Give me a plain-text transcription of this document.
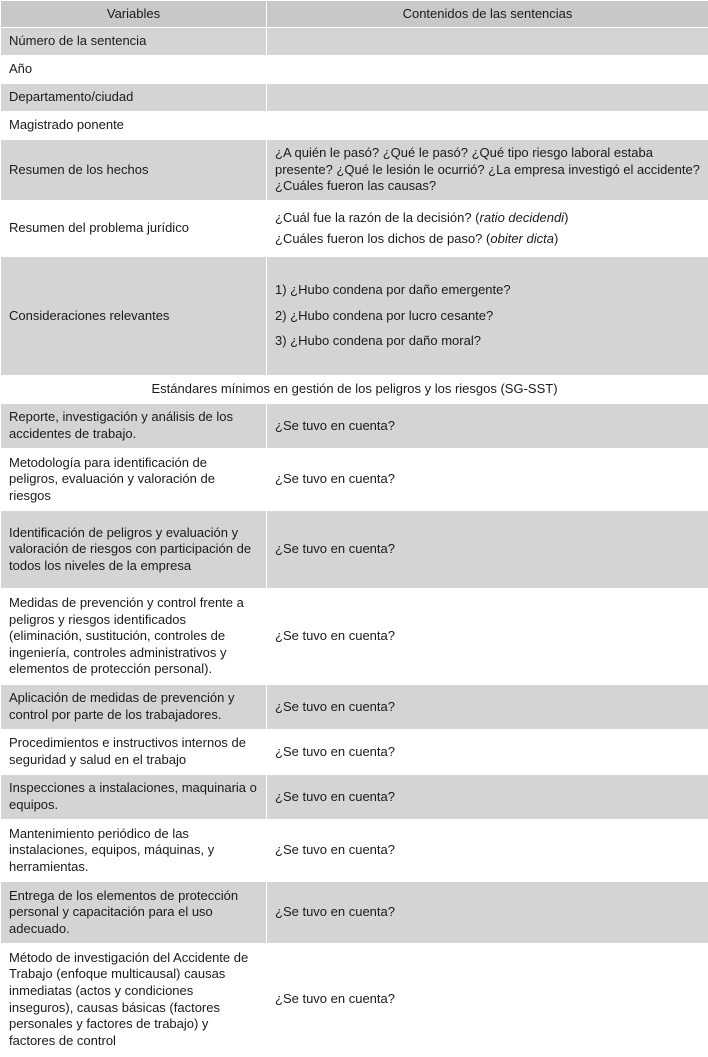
Variables	Contenidos de las sentencias
Número de la sentencia	
Año	
Departamento/ciudad	
Magistrado ponente	
Resumen de los hechos	¿A quién le pasó? ¿Qué le pasó? ¿Qué tipo riesgo laboral estaba presente? ¿Qué le lesión le ocurrió? ¿La empresa investigó el accidente? ¿Cuáles fueron las causas?
Resumen del problema jurídico	¿Cuál fue la razón de la decisión? (ratio decidendi)

¿Cuáles fueron los dichos de paso? (obiter dicta)

Consideraciones relevantes	1) ¿Hubo condena por daño emergente?

2) ¿Hubo condena por lucro cesante?

3) ¿Hubo condena por daño moral?

Estándares mínimos en gestión de los peligros y los riesgos (SG-SST)	
Reporte, investigación y análisis de los accidentes de trabajo.	¿Se tuvo en cuenta?
Metodología para identificación de peligros, evaluación y valoración de riesgos	¿Se tuvo en cuenta?
Identificación de peligros y evaluación y valoración de riesgos con participación de todos los niveles de la empresa	¿Se tuvo en cuenta?
Medidas de prevención y control frente a peligros y riesgos identificados (eliminación, sustitución, controles de ingeniería, controles administrativos y elementos de protección personal).	¿Se tuvo en cuenta?
Aplicación de medidas de prevención y control por parte de los trabajadores.	¿Se tuvo en cuenta?
Procedimientos e instructivos internos de seguridad y salud en el trabajo	¿Se tuvo en cuenta?
Inspecciones a instalaciones, maquinaria o equipos.	¿Se tuvo en cuenta?
Mantenimiento periódico de las instalaciones, equipos, máquinas, y herramientas.	¿Se tuvo en cuenta?
Entrega de los elementos de protección personal y capacitación para el uso adecuado.	¿Se tuvo en cuenta?
Método de investigación del Accidente de Trabajo (enfoque multicausal) causas inmediatas (actos y condiciones inseguros), causas básicas (factores personales y factores de trabajo) y factores de control	¿Se tuvo en cuenta?
